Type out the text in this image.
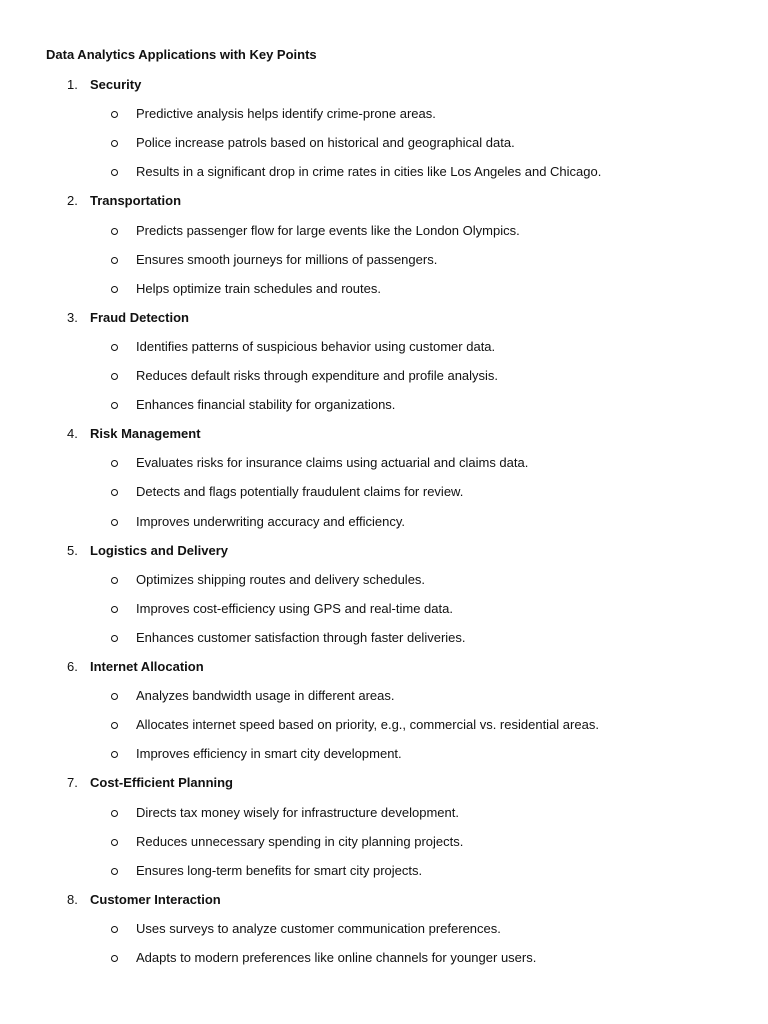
Data Analytics Applications with Key Points
1. Security
Predictive analysis helps identify crime-prone areas.
Police increase patrols based on historical and geographical data.
Results in a significant drop in crime rates in cities like Los Angeles and Chicago.
2. Transportation
Predicts passenger flow for large events like the London Olympics.
Ensures smooth journeys for millions of passengers.
Helps optimize train schedules and routes.
3. Fraud Detection
Identifies patterns of suspicious behavior using customer data.
Reduces default risks through expenditure and profile analysis.
Enhances financial stability for organizations.
4. Risk Management
Evaluates risks for insurance claims using actuarial and claims data.
Detects and flags potentially fraudulent claims for review.
Improves underwriting accuracy and efficiency.
5. Logistics and Delivery
Optimizes shipping routes and delivery schedules.
Improves cost-efficiency using GPS and real-time data.
Enhances customer satisfaction through faster deliveries.
6. Internet Allocation
Analyzes bandwidth usage in different areas.
Allocates internet speed based on priority, e.g., commercial vs. residential areas.
Improves efficiency in smart city development.
7. Cost-Efficient Planning
Directs tax money wisely for infrastructure development.
Reduces unnecessary spending in city planning projects.
Ensures long-term benefits for smart city projects.
8. Customer Interaction
Uses surveys to analyze customer communication preferences.
Adapts to modern preferences like online channels for younger users.
